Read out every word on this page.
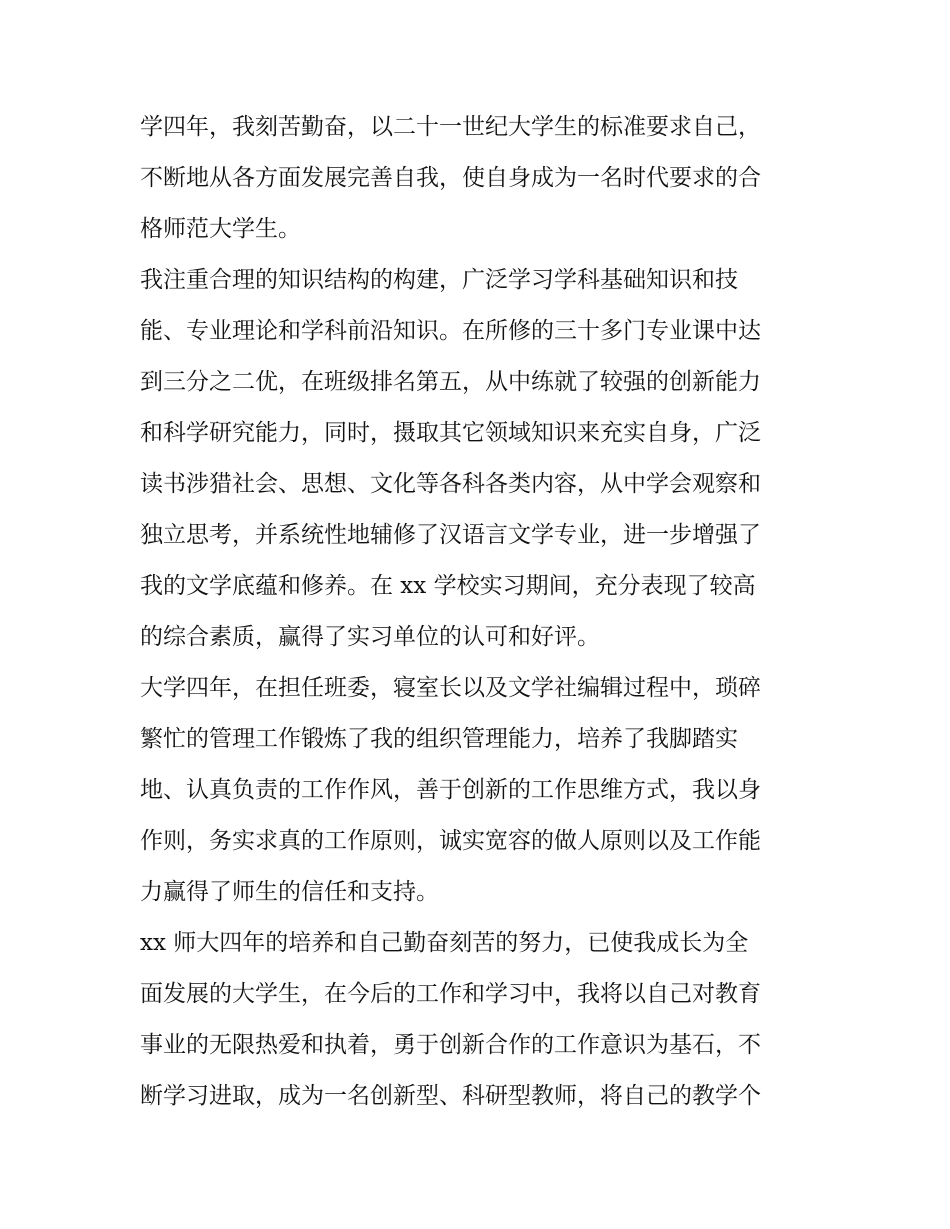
学四年，我刻苦勤奋，以二十一世纪大学生的标准要求自己，
不断地从各方面发展完善自我，使自身成为一名时代要求的合
格师范大学生。
我注重合理的知识结构的构建，广泛学习学科基础知识和技
能、专业理论和学科前沿知识。在所修的三十多门专业课中达
到三分之二优，在班级排名第五，从中练就了较强的创新能力
和科学研究能力，同时，摄取其它领域知识来充实自身，广泛
读书涉猎社会、思想、文化等各科各类内容，从中学会观察和
独立思考，并系统性地辅修了汉语言文学专业，进一步增强了
我的文学底蕴和修养。在 xx 学校实习期间，充分表现了较高
的综合素质，赢得了实习单位的认可和好评。
大学四年，在担任班委，寝室长以及文学社编辑过程中，琐碎
繁忙的管理工作锻炼了我的组织管理能力，培养了我脚踏实
地、认真负责的工作作风，善于创新的工作思维方式，我以身
作则，务实求真的工作原则，诚实宽容的做人原则以及工作能
力赢得了师生的信任和支持。
xx 师大四年的培养和自己勤奋刻苦的努力，已使我成长为全
面发展的大学生，在今后的工作和学习中，我将以自己对教育
事业的无限热爱和执着，勇于创新合作的工作意识为基石，不
断学习进取，成为一名创新型、科研型教师，将自己的教学个
